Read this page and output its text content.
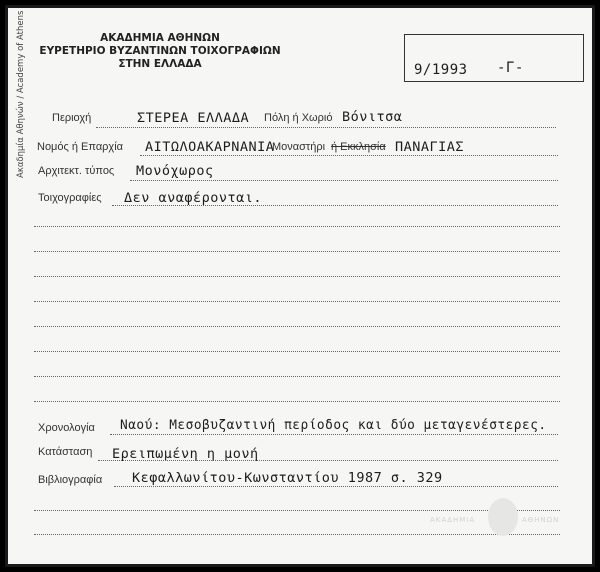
ΑΚΑΔΗΜΙΑ ΑΘΗΝΩΝ
ΕΥΡΕΤΗΡΙΟ ΒΥΖΑΝΤΙΝΩΝ ΤΟΙΧΟΓΡΑΦΙΩΝ
ΣΤΗΝ ΕΛΛΑΔΑ
Ακαδημία Αθηνών / Academy of Athens	9/1993 -Γ-
Περιοχή	ΣΤΕΡΕΑ ΕΛΛΑΔΑ Πόλη ή Χωριό Βόνιτσα
Νομός ή Επαρχία ΑΙΤΩΛΟΑΚΑΡΝΑΝΙΑ
Μοναστήρι ή Εκκλησία ΠΑΝΑΓΙΑΣ
Αρχιτεκτ. τύπος Μονόχωρος
Τοιχογραφίες Δεν αναφέρονται.
Χρονολογία Ναού: Μεσοβυζαντινή περίοδος και δύο μεταγενέστερες.
Κατάσταση Ερειπωμένη η μονή
Βιβλιογραφία Κεφαλλωνίτου-Κωνσταντίου 1987 σ. 329
ΑΚΑΔΗΜΙΑ	ΑΘΗΝΩΝ
